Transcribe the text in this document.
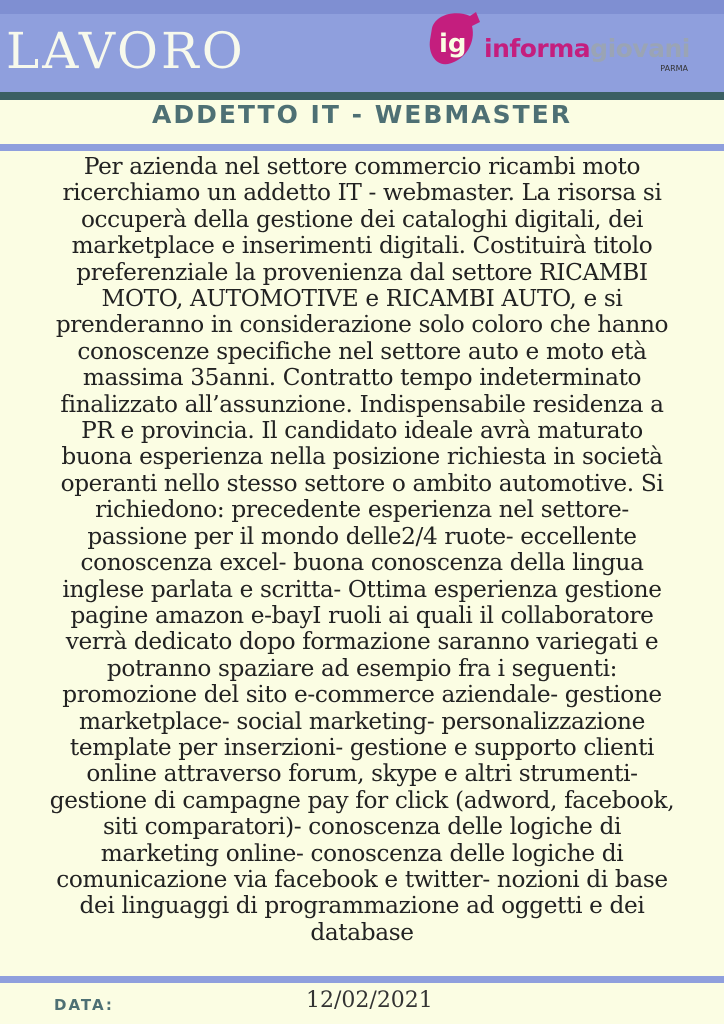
LAVORO	ig informagiovani
PARMA
ADDETTO IT - WEBMASTER
Per azienda nel settore commercio ricambi moto
ricerchiamo un addetto IT - webmaster. La risorsa si
occuperà della gestione dei cataloghi digitali, dei
marketplace e inserimenti digitali. Costituirà titolo
preferenziale la provenienza dal settore RICAMBI
MOTO, AUTOMOTIVE e RICAMBI AUTO, e si
prenderanno in considerazione solo coloro che hanno
conoscenze specifiche nel settore auto e moto età
massima 35anni. Contratto tempo indeterminato
finalizzato all’assunzione. Indispensabile residenza a
PR e provincia. Il candidato ideale avrà maturato
buona esperienza nella posizione richiesta in società
operanti nello stesso settore o ambito automotive. Si
richiedono: precedente esperienza nel settore-
passione per il mondo delle2/4 ruote- eccellente
conoscenza excel- buona conoscenza della lingua
inglese parlata e scritta- Ottima esperienza gestione
pagine amazon e-bayI ruoli ai quali il collaboratore
verrà dedicato dopo formazione saranno variegati e
potranno spaziare ad esempio fra i seguenti:
promozione del sito e-commerce aziendale- gestione
marketplace- social marketing- personalizzazione
template per inserzioni- gestione e supporto clienti
online attraverso forum, skype e altri strumenti-
gestione di campagne pay for click (adword, facebook,
siti comparatori)- conoscenza delle logiche di
marketing online- conoscenza delle logiche di
comunicazione via facebook e twitter- nozioni di base
dei linguaggi di programmazione ad oggetti e dei
database
DATA:	12/02/2021
